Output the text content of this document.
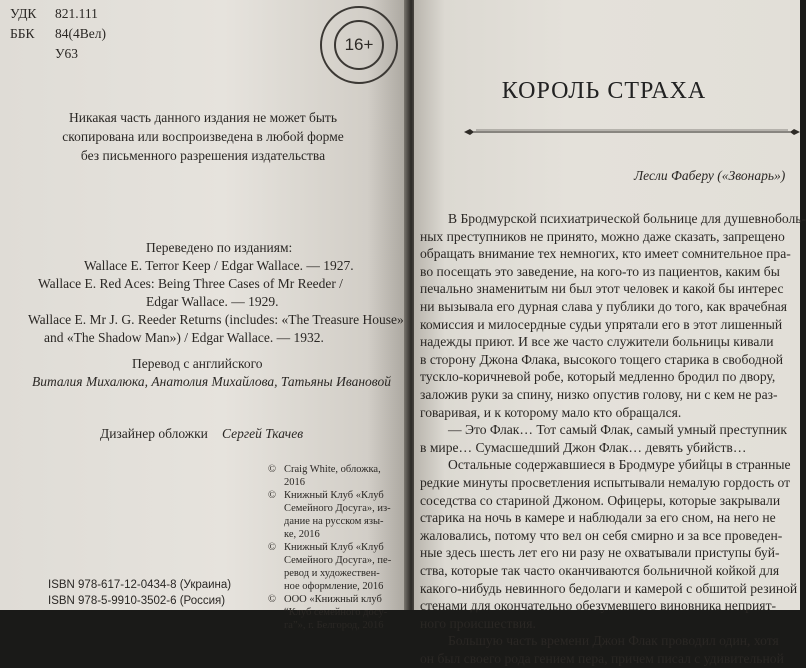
УДК 821.111
ББК 84(4Вел)
У63	16+
Никакая часть данного издания не может быть
скопирована или воспроизведена в любой форме
без письменного разрешения издательства
Переведено по изданиям:
Wallace E. Terror Keep / Edgar Wallace. — 1927.
Wallace E. Red Aces: Being Three Cases of Mr Reeder /
Edgar Wallace. — 1929.
Wallace E. Mr J. G. Reeder Returns (includes: «The Treasure House»
and «The Shadow Man») / Edgar Wallace. — 1932.
Перевод с английского
Виталия Михалюка, Анатолия Михайлова, Татьяны Ивановой
Дизайнер обложки Сергей Ткачев
© Craig White, обложка,
2016
© Книжный Клуб «Клуб
Семейного Досуга», из-
дание на русском язы-
ке, 2016
© Книжный Клуб «Клуб
Семейного Досуга», пе-
ревод и художествен-
ное оформление, 2016
© ООО «Книжный клуб
“Клуб семейного досу-
га”», г. Белгород, 2016
ISBN 978-617-12-0434-8 (Украина)
ISBN 978-5-9910-3502-6 (Россия)
КОРОЛЬ СТРАХА
Лесли Фаберу («Звонарь»)
В Бродмурской психиатрической больнице для душевноболь-
ных преступников не принято, можно даже сказать, запрещено
обращать внимание тех немногих, кто имеет сомнительное пра-
во посещать это заведение, на кого-то из пациентов, каким бы
печально знаменитым ни был этот человек и какой бы интерес
ни вызывала его дурная слава у публики до того, как врачебная
комиссия и милосердные судьи упрятали его в этот лишенный
надежды приют. И все же часто служители больницы кивали
в сторону Джона Флака, высокого тощего старика в свободной
тускло-коричневой робе, который медленно бродил по двору,
заложив руки за спину, низко опустив голову, ни с кем не раз-
говаривая, и к которому мало кто обращался.
— Это Флак… Тот самый Флак, самый умный преступник
в мире… Сумасшедший Джон Флак… девять убийств…
Остальные содержавшиеся в Бродмуре убийцы в странные
редкие минуты просветления испытывали немалую гордость от
соседства со стариной Джоном. Офицеры, которые закрывали
старика на ночь в камере и наблюдали за его сном, на него не
жаловались, потому что вел он себя смирно и за все проведен-
ные здесь шесть лет его ни разу не охватывали приступы буй-
ства, которые так часто оканчиваются больничной койкой для
какого-нибудь невинного бедолаги и камерой с обшитой резиной
стенами для окончательно обезумевшего виновника неприят-
ного происшествия.
Большую часть времени Джон Флак проводил один, хотя
он был своего рода гением пера, причем писал с удивительной
